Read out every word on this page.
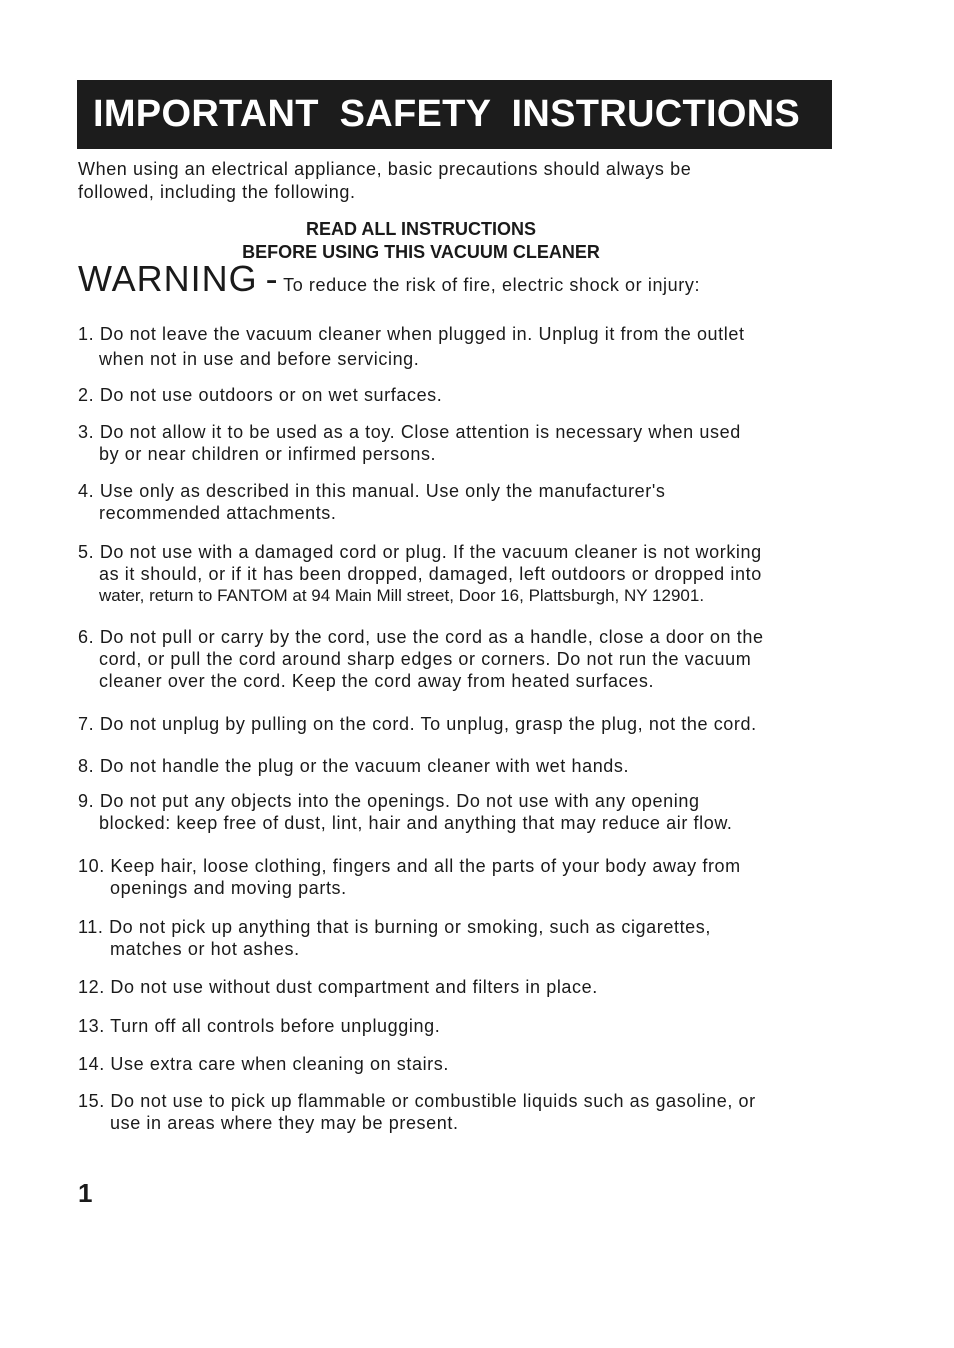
IMPORTANT SAFETY INSTRUCTIONS
When using an electrical appliance, basic precautions should always be
followed, including the following.
READ ALL INSTRUCTIONS
BEFORE USING THIS VACUUM CLEANER
WARNING - To reduce the risk of fire, electric shock or injury:
1. Do not leave the vacuum cleaner when plugged in. Unplug it from the outlet
when not in use and before servicing.
2. Do not use outdoors or on wet surfaces.
3. Do not allow it to be used as a toy. Close attention is necessary when used
by or near children or infirmed persons.
4. Use only as described in this manual. Use only the manufacturer's
recommended attachments.
5. Do not use with a damaged cord or plug. If the vacuum cleaner is not working
as it should, or if it has been dropped, damaged, left outdoors or dropped into
water, return to FANTOM at 94 Main Mill street, Door 16, Plattsburgh, NY 12901.
6. Do not pull or carry by the cord, use the cord as a handle, close a door on the
cord, or pull the cord around sharp edges or corners. Do not run the vacuum
cleaner over the cord. Keep the cord away from heated surfaces.
7. Do not unplug by pulling on the cord. To unplug, grasp the plug, not the cord.
8. Do not handle the plug or the vacuum cleaner with wet hands.
9. Do not put any objects into the openings. Do not use with any opening
blocked: keep free of dust, lint, hair and anything that may reduce air flow.
10. Keep hair, loose clothing, fingers and all the parts of your body away from
openings and moving parts.
11. Do not pick up anything that is burning or smoking, such as cigarettes,
matches or hot ashes.
12. Do not use without dust compartment and filters in place.
13. Turn off all controls before unplugging.
14. Use extra care when cleaning on stairs.
15. Do not use to pick up flammable or combustible liquids such as gasoline, or
use in areas where they may be present.
1
